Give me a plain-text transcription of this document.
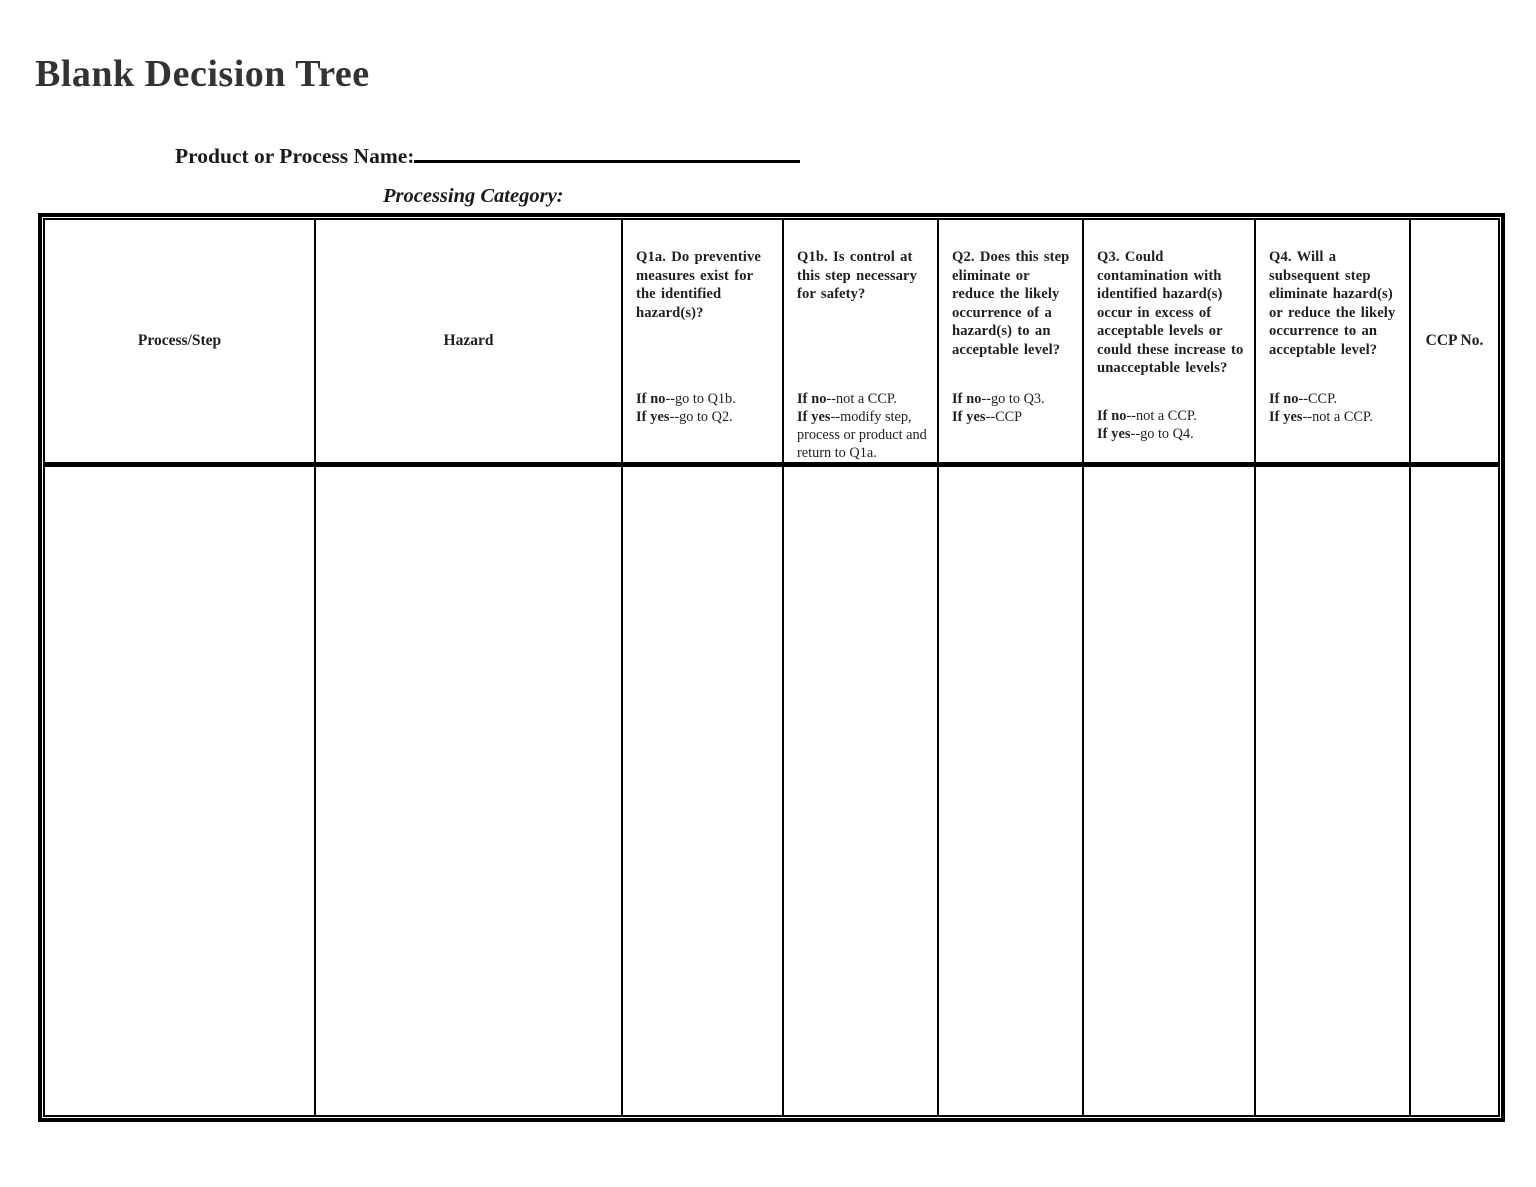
Blank Decision Tree
Product or Process Name:
Processing Category:
Process/Step	Hazard
Q1a. Do preventive measures exist for the identified hazard(s)?
If no--go to Q1b.
If yes--go to Q2.
Q1b. Is control at this step necessary for safety?
If no--not a CCP.
If yes--modify step, process or product and return to Q1a.
Q2. Does this step eliminate or reduce the likely occurrence of a hazard(s) to an acceptable level?
If no--go to Q3.
If yes--CCP
Q3. Could contamination with identified hazard(s) occur in excess of acceptable levels or could these increase to unacceptable levels?
If no--not a CCP.
If yes--go to Q4.
Q4. Will a subsequent step eliminate hazard(s) or reduce the likely occurrence to an acceptable level?
If no--CCP.
If yes--not a CCP.
CCP No.
